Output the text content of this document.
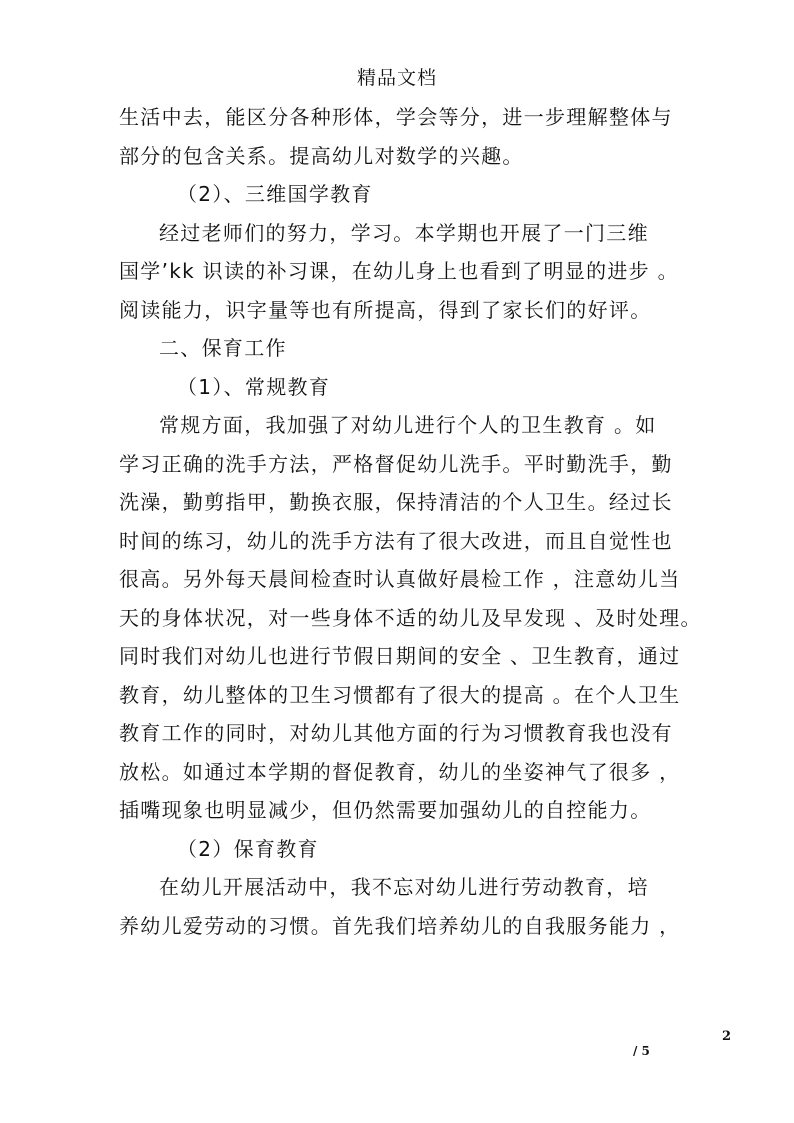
精品文档
生活中去，能区分各种形体，学会等分，进一步理解整体与
部分的包含关系。提高幼儿对数学的兴趣。
（2）、三维国学教育
经过老师们的努力，学习。本学期也开展了一门三维
国学’kk 识读的补习课，在幼儿身上也看到了明显的进步 。
阅读能力，识字量等也有所提高，得到了家长们的好评。
二、保育工作
（1）、常规教育
常规方面，我加强了对幼儿进行个人的卫生教育 。如
学习正确的洗手方法，严格督促幼儿洗手。平时勤洗手，勤
洗澡，勤剪指甲，勤换衣服，保持清洁的个人卫生。经过长
时间的练习，幼儿的洗手方法有了很大改进，而且自觉性也
很高。另外每天晨间检查时认真做好晨检工作 ，注意幼儿当
天的身体状况，对一些身体不适的幼儿及早发现 、及时处理。
同时我们对幼儿也进行节假日期间的安全 、卫生教育，通过
教育，幼儿整体的卫生习惯都有了很大的提高 。在个人卫生
教育工作的同时，对幼儿其他方面的行为习惯教育我也没有
放松。如通过本学期的督促教育，幼儿的坐姿神气了很多 ，
插嘴现象也明显减少，但仍然需要加强幼儿的自控能力。
（2）保育教育
在幼儿开展活动中，我不忘对幼儿进行劳动教育，培
养幼儿爱劳动的习惯。首先我们培养幼儿的自我服务能力 ，
2
/ 5
